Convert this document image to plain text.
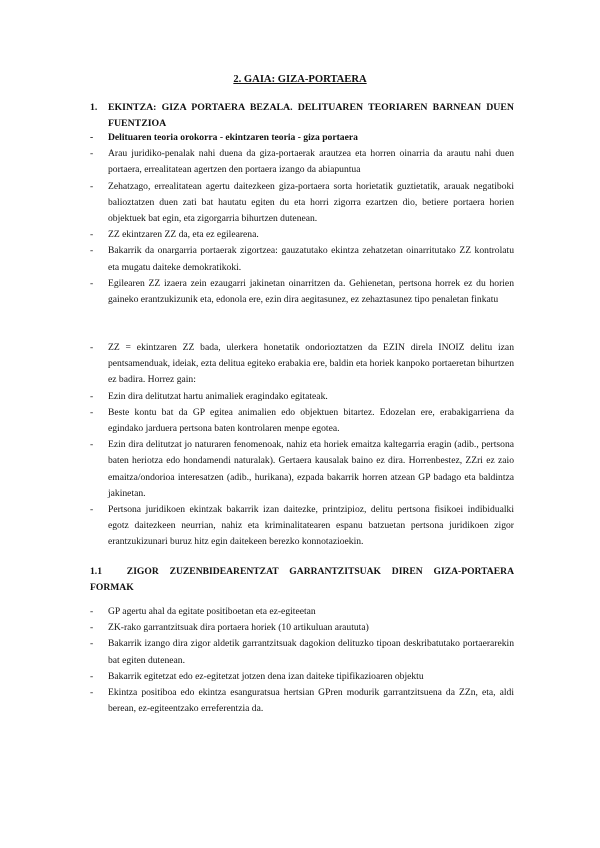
2. GAIA: GIZA-PORTAERA
1. EKINTZA: GIZA PORTAERA BEZALA. DELITUAREN TEORIAREN BARNEAN DUEN FUENTZIOA
- Delituaren teoria orokorra - ekintzaren teoria - giza portaera
- Arau juridiko-penalak nahi duena da giza-portaerak arautzea eta horren oinarria da arautu nahi duen portaera, errealitatean agertzen den portaera izango da abiapuntua
- Zehatzago, errealitatean agertu daitezkeen giza-portaera sorta horietatik guztietatik, arauak negatiboki balioztatzen duen zati bat hautatu egiten du eta horri zigorra ezartzen dio, betiere portaera horien objektuek bat egin, eta zigorgarria bihurtzen dutenean.
- ZZ ekintzaren ZZ da, eta ez egilearena.
- Bakarrik da onargarria portaerak zigortzea: gauzatutako ekintza zehatzetan oinarritutako ZZ kontrolatu eta mugatu daiteke demokratikoki.
- Egilearen ZZ izaera zein ezaugarri jakinetan oinarritzen da. Gehienetan, pertsona horrek ez du horien gaineko erantzukizunik eta, edonola ere, ezin dira aegitasunez, ez zehaztasunez tipo penaletan finkatu
- ZZ = ekintzaren ZZ bada, ulerkera honetatik ondorioztatzen da EZIN direla INOIZ delitu izan pentsamenduak, ideiak, ezta delitua egiteko erabakia ere, baldin eta horiek kanpoko portaeretan bihurtzen ez badira. Horrez gain:
- Ezin dira delitutzat hartu animaliek eragindako egitateak.
- Beste kontu bat da GP egitea animalien edo objektuen bitartez. Edozelan ere, erabakigarriena da egindako jarduera pertsona baten kontrolaren menpe egotea.
- Ezin dira delitutzat jo naturaren fenomenoak, nahiz eta horiek emaitza kaltegarria eragin (adib., pertsona baten heriotza edo hondamendi naturalak). Gertaera kausalak baino ez dira. Horrenbestez, ZZri ez zaio emaitza/ondorioa interesatzen (adib., hurikana), ezpada bakarrik horren atzean GP badago eta baldintza jakinetan.
- Pertsona juridikoen ekintzak bakarrik izan daitezke, printzipioz, delitu pertsona fisikoei indibidualki egotz daitezkeen neurrian, nahiz eta kriminalitatearen espanu batzuetan pertsona juridikoen zigor erantzukizunari buruz hitz egin daitekeen berezko konnotazioekin.
1.1	ZIGOR ZUZENBIDEARENTZAT GARRANTZITSUAK DIREN GIZA-PORTAERA FORMAK
- GP agertu ahal da egitate positiboetan eta ez-egiteetan
- ZK-rako garrantzitsuak dira portaera horiek (10 artikuluan araututa)
- Bakarrik izango dira zigor aldetik garrantzitsuak dagokion delituzko tipoan deskribatutako portaerarekin bat egiten dutenean.
- Bakarrik egitetzat edo ez-egitetzat jotzen dena izan daiteke tipifikazioaren objektu
- Ekintza positiboa edo ekintza esanguratsua hertsian GPren modurik garrantzitsuena da ZZn, eta, aldi berean, ez-egiteentzako erreferentzia da.
